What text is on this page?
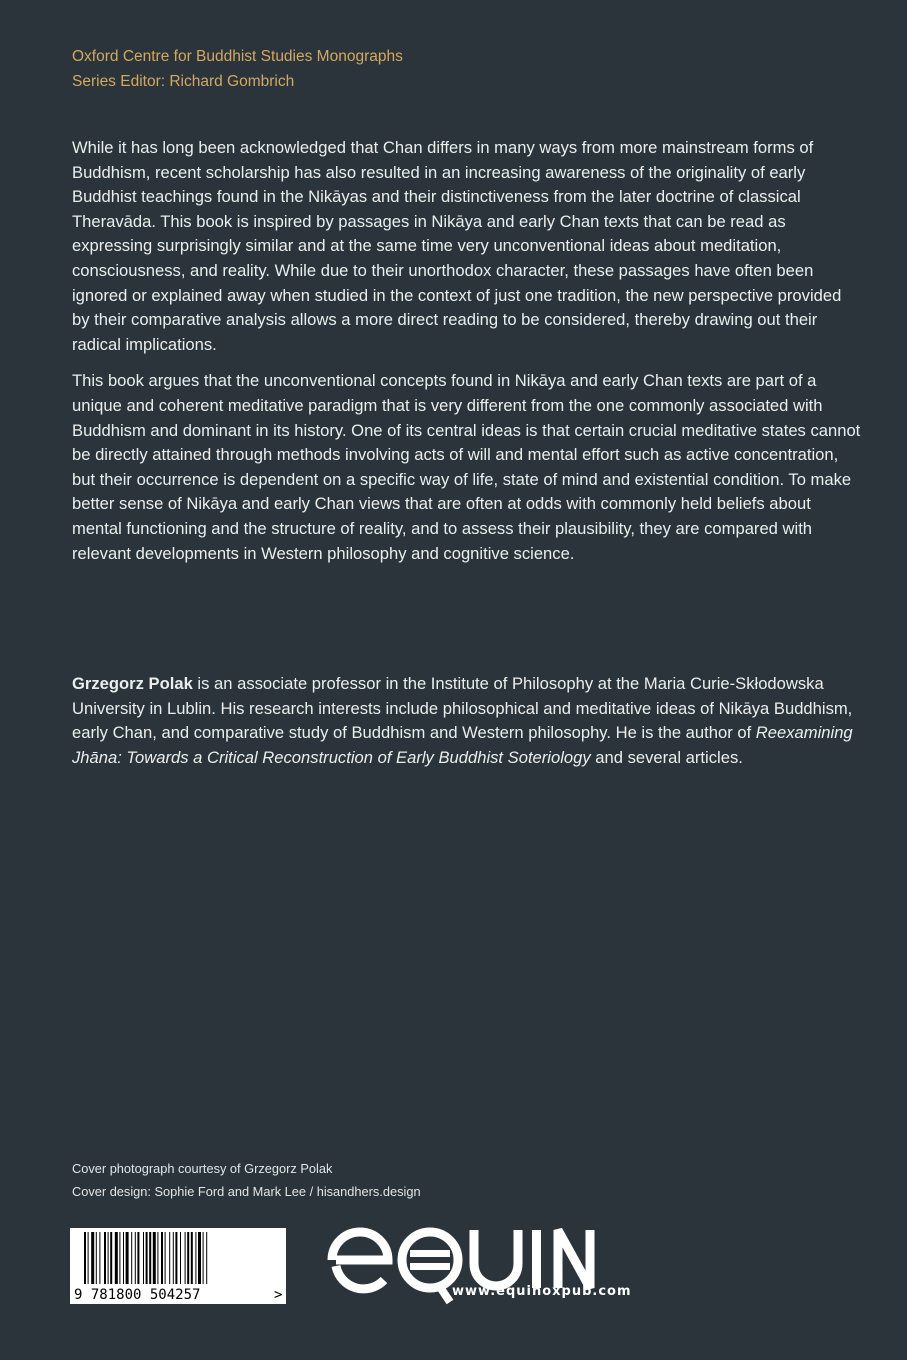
Oxford Centre for Buddhist Studies Monographs
Series Editor: Richard Gombrich

While it has long been acknowledged that Chan differs in many ways from more mainstream forms of Buddhism, recent scholarship has also resulted in an increasing awareness of the originality of early Buddhist teachings found in the Nikāyas and their distinctiveness from the later doctrine of classical Theravāda. This book is inspired by passages in Nikāya and early Chan texts that can be read as expressing surprisingly similar and at the same time very unconventional ideas about meditation, consciousness, and reality. While due to their unorthodox character, these passages have often been ignored or explained away when studied in the context of just one tradition, the new perspective provided by their comparative analysis allows a more direct reading to be considered, thereby drawing out their radical implications.

This book argues that the unconventional concepts found in Nikāya and early Chan texts are part of a unique and coherent meditative paradigm that is very different from the one commonly associated with Buddhism and dominant in its history. One of its central ideas is that certain crucial meditative states cannot be directly attained through methods involving acts of will and mental effort such as active concentration, but their occurrence is dependent on a specific way of life, state of mind and existential condition. To make better sense of Nikāya and early Chan views that are often at odds with commonly held beliefs about mental functioning and the structure of reality, and to assess their plausibility, they are compared with relevant developments in Western philosophy and cognitive science.

Grzegorz Polak is an associate professor in the Institute of Philosophy at the Maria Curie-Skłodowska University in Lublin. His research interests include philosophical and meditative ideas of Nikāya Buddhism, early Chan, and comparative study of Buddhism and Western philosophy. He is the author of Reexamining Jhāna: Towards a Critical Reconstruction of Early Buddhist Soteriology and several articles.
Cover photograph courtesy of Grzegorz Polak
Cover design: Sophie Ford and Mark Lee / hisandhers.design
9 781800 504257	>	www.equinoxpub.com
